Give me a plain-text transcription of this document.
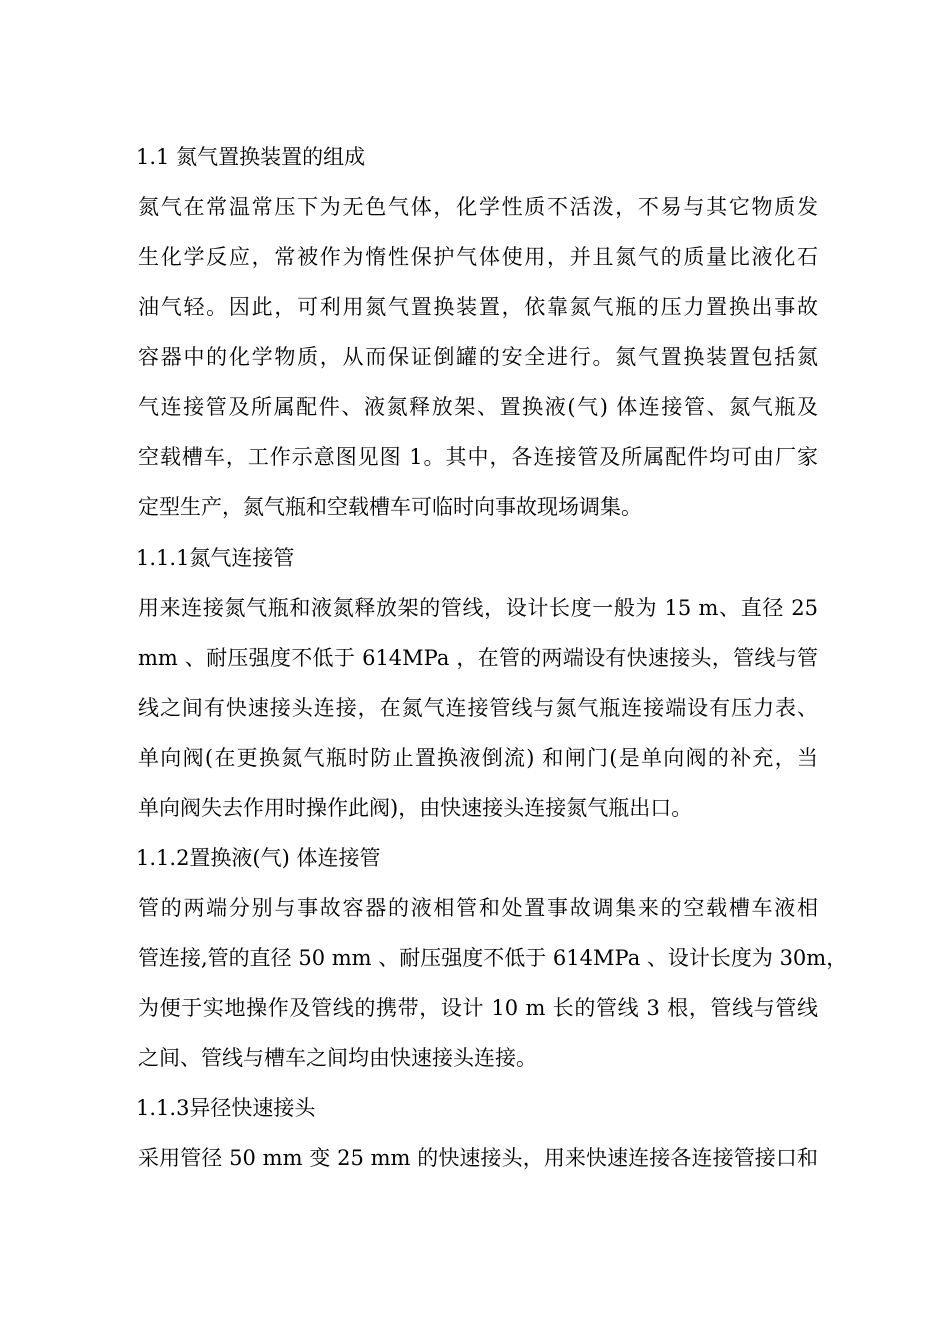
1.1 氮气置换装置的组成
氮气在常温常压下为无色气体，化学性质不活泼，不易与其它物质发
生化学反应，常被作为惰性保护气体使用，并且氮气的质量比液化石
油气轻。因此，可利用氮气置换装置，依靠氮气瓶的压力置换出事故
容器中的化学物质，从而保证倒罐的安全进行。氮气置换装置包括氮
气连接管及所属配件、液氮释放架、置换液(气) 体连接管、氮气瓶及
空载槽车，工作示意图见图 1。其中，各连接管及所属配件均可由厂家
定型生产，氮气瓶和空载槽车可临时向事故现场调集。
1.1.1氮气连接管
用来连接氮气瓶和液氮释放架的管线，设计长度一般为 15 m、直径 25
mm 、耐压强度不低于 614MPa ，在管的两端设有快速接头，管线与管
线之间有快速接头连接，在氮气连接管线与氮气瓶连接端设有压力表、
单向阀(在更换氮气瓶时防止置换液倒流) 和闸门(是单向阀的补充，当
单向阀失去作用时操作此阀)，由快速接头连接氮气瓶出口。
1.1.2置换液(气) 体连接管
管的两端分别与事故容器的液相管和处置事故调集来的空载槽车液相
管连接,管的直径 50 mm 、耐压强度不低于 614MPa 、设计长度为 30m，
为便于实地操作及管线的携带，设计 10 m 长的管线 3 根，管线与管线
之间、管线与槽车之间均由快速接头连接。
1.1.3异径快速接头
采用管径 50 mm 变 25 mm 的快速接头，用来快速连接各连接管接口和
